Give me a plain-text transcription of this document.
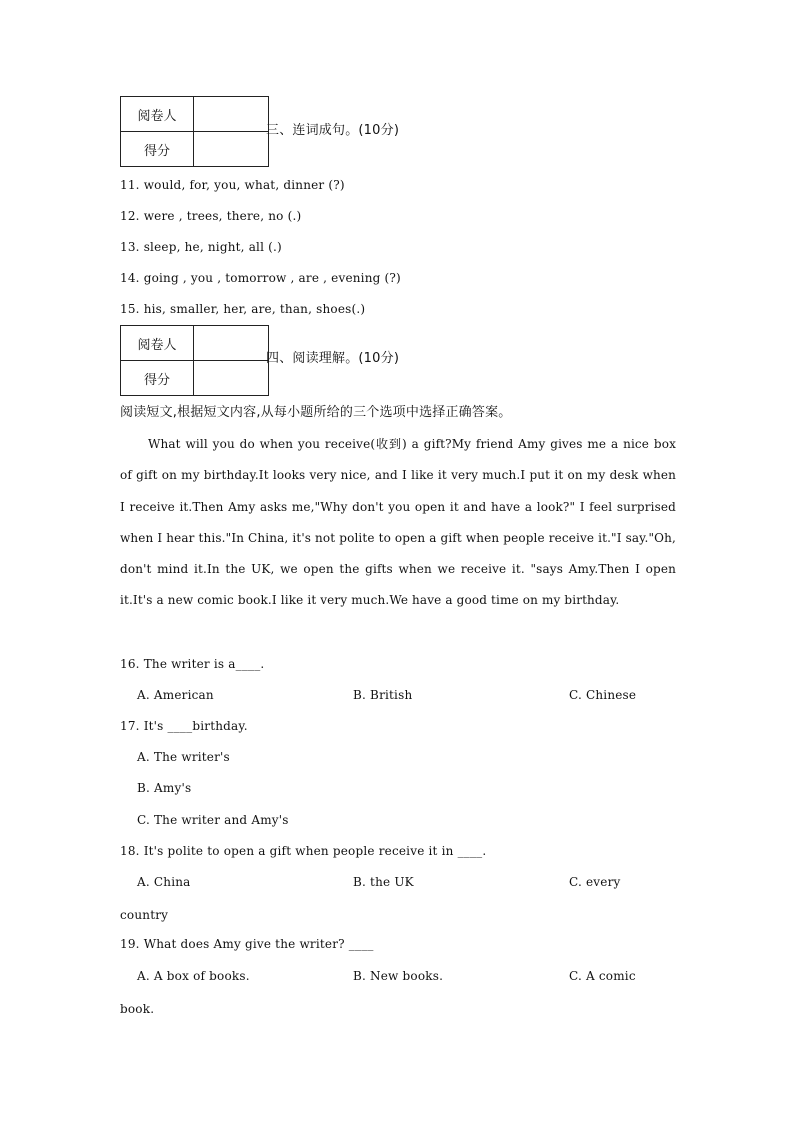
阅卷人	
得分	
三、连词成句。(10分)
11. would, for, you, what, dinner (?)
12. were , trees, there, no (.)
13. sleep, he, night, all (.)
14. going , you , tomorrow , are , evening (?)
15. his, smaller, her, are, than, shoes(.)
阅卷人	
得分	
四、阅读理解。(10分)
阅读短文,根据短文内容,从每小题所给的三个选项中选择正确答案。
What will you do when you receive(收到) a gift?My friend Amy gives me a nice box of gift on my birthday.It looks very nice, and I like it very much.I put it on my desk when I receive it.Then Amy asks me,"Why don't you open it and have a look?" I feel surprised when I hear this."In China, it's not polite to open a gift when people receive it."I say."Oh, don't mind it.In the UK, we open the gifts when we receive it. "says Amy.Then I open it.It's a new comic book.I like it very much.We have a good time on my birthday.
16. The writer is a____.
A. American	B. British	C. Chinese
17. It's ____birthday.
A. The writer's
B. Amy's
C. The writer and Amy's
18. It's polite to open a gift when people receive it in ____.
A. China	B. the UK	C. every
country
19. What does Amy give the writer? ____
A. A box of books.	B. New books.	C. A comic
book.
